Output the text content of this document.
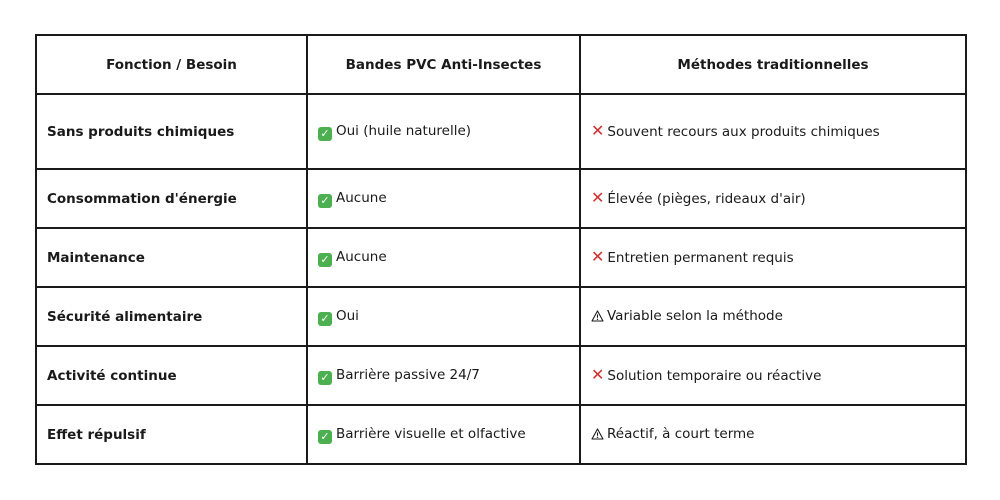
Fonction / Besoin	Bandes PVC Anti-Insectes	Méthodes traditionnelles
Sans produits chimiques	✓ Oui (huile naturelle)	✕ Souvent recours aux produits chimiques
Consommation d'énergie	✓ Aucune	✕ Élevée (pièges, rideaux d'air)
Maintenance	✓ Aucune	✕ Entretien permanent requis
Sécurité alimentaire	✓ Oui	Variable selon la méthode
Activité continue	✓ Barrière passive 24/7	✕ Solution temporaire ou réactive
Effet répulsif	✓ Barrière visuelle et olfactive	Réactif, à court terme
